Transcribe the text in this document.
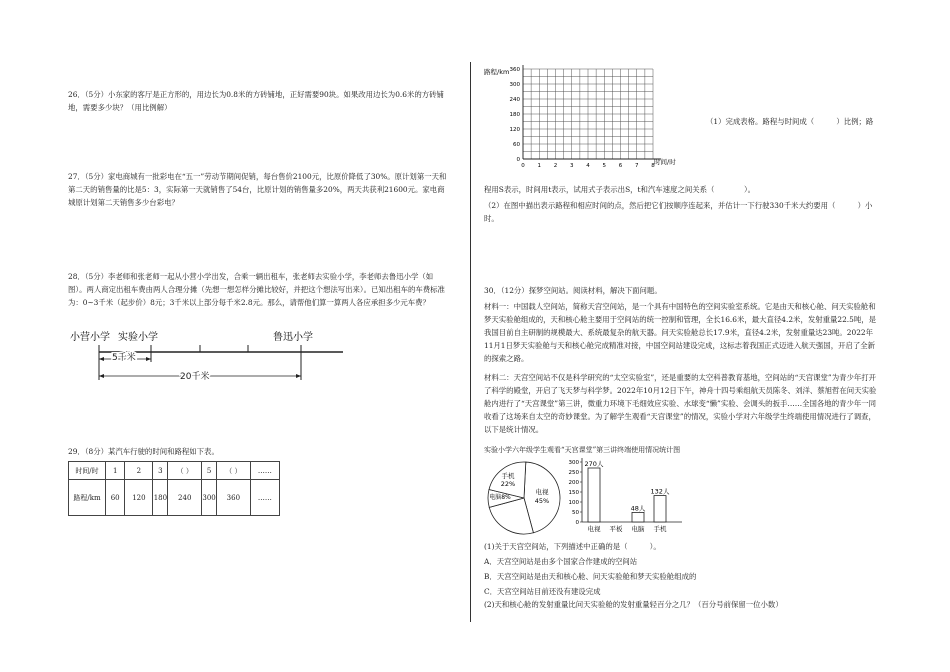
26．（5分）小东家的客厅是正方形的，用边长为0.8米的方砖铺地，正好需要90块。如果改用边长为0.6米的方砖铺地，需要多少块？（用比例解）
27．（5分）家电商城有一批彩电在“五一”劳动节期间促销，每台售价2100元，比原价降低了30%。原计划第一天和第二天的销售量的比是5：3，实际第一天就销售了54台，比原计划的销售量多20%，两天共获利21600元。家电商城原计划第二天销售多少台彩电？
28．（5分）李老师和张老师一起从小营小学出发，合乘一辆出租车，张老师去实验小学，李老师去鲁迅小学（如图）。两人商定出租车费由两人合理分摊（先想一想怎样分摊比较好，并把这个想法写出来）。已知出租车的车费标准为：0~3千米（起步价）8元；3千米以上部分每千米2.8元。那么，请帮他们算一算两人各应承担多少元车费？
小营小学 实验小学	鲁迅小学
5千米
20千米
29．（8分）某汽车行驶的时间和路程如下表。
时间/时	1	2	3	（ ）	5	（ ）	……
路程/km	60	120	180	240	300	360	……
路程/km
时间/时
0
60
120
180
240
300
360
0 1 2 3 4 5 6 7 8
（1）完成表格。路程与时间成（　　　）比例；路
程用S表示，时间用t表示，试用式子表示出S，t和汽车速度之间关系（　　　　）。
（2）在图中描出表示路程和相应时间的点，然后把它们按顺序连起来，并估计一下行驶330千米大约要用（　　　）小时。
30．（12分）探梦空间站。阅读材料，解决下面问题。
材料一：中国载人空间站，简称天宫空间站，是一个具有中国特色的空间实验室系统。它是由天和核心舱、问天实验舱和梦天实验舱组成的，天和核心舱主要用于空间站的统一控制和管理，全长16.6米，最大直径4.2米，发射重量22.5吨，是我国目前自主研制的规模最大、系统最复杂的航天器。问天实验舱总长17.9米，直径4.2米，发射重量达23吨。2022年11月1日梦天实验舱与天和核心舱完成精准对接，中国空间站建设完成，这标志着我国正式迈进入航天强国，开启了全新的探索之路。
材料二：天宫空间站不仅是科学研究的“太空实验室”，还是重要的太空科普教育基地，空间站的“天宫课堂”为青少年打开了科学的殿堂，开启了飞天梦与科学梦。2022年10月12日下午，神舟十四号乘组航天员陈冬、刘洋、蔡旭哲在问天实验舱内进行了“天宫课堂”第三讲，微重力环境下毛细效应实验、水球变“懒”实验、会调头的扳手……全国各地的青少年一同收看了这场来自太空的奇妙课堂。为了解学生观看“天宫课堂”的情况，实验小学对六年级学生终端使用情况进行了调查，以下是统计情况。
实验小学六年级学生观看“天宫课堂”第三讲终端使用情况统计图
电视
45%
手机
22%
电脑8%
0
50
100
150
200
250
300 270人
电视 平板
48人
电脑
132人
手机
(1)关于天宫空间站，下列描述中正确的是（　　　）。
A．天宫空间站是由多个国家合作建成的空间站
B．天宫空间站是由天和核心舱、问天实验舱和梦天实验舱组成的
C．天宫空间站目前还没有建设完成
(2)天和核心舱的发射重量比问天实验舱的发射重量轻百分之几？（百分号前保留一位小数）
